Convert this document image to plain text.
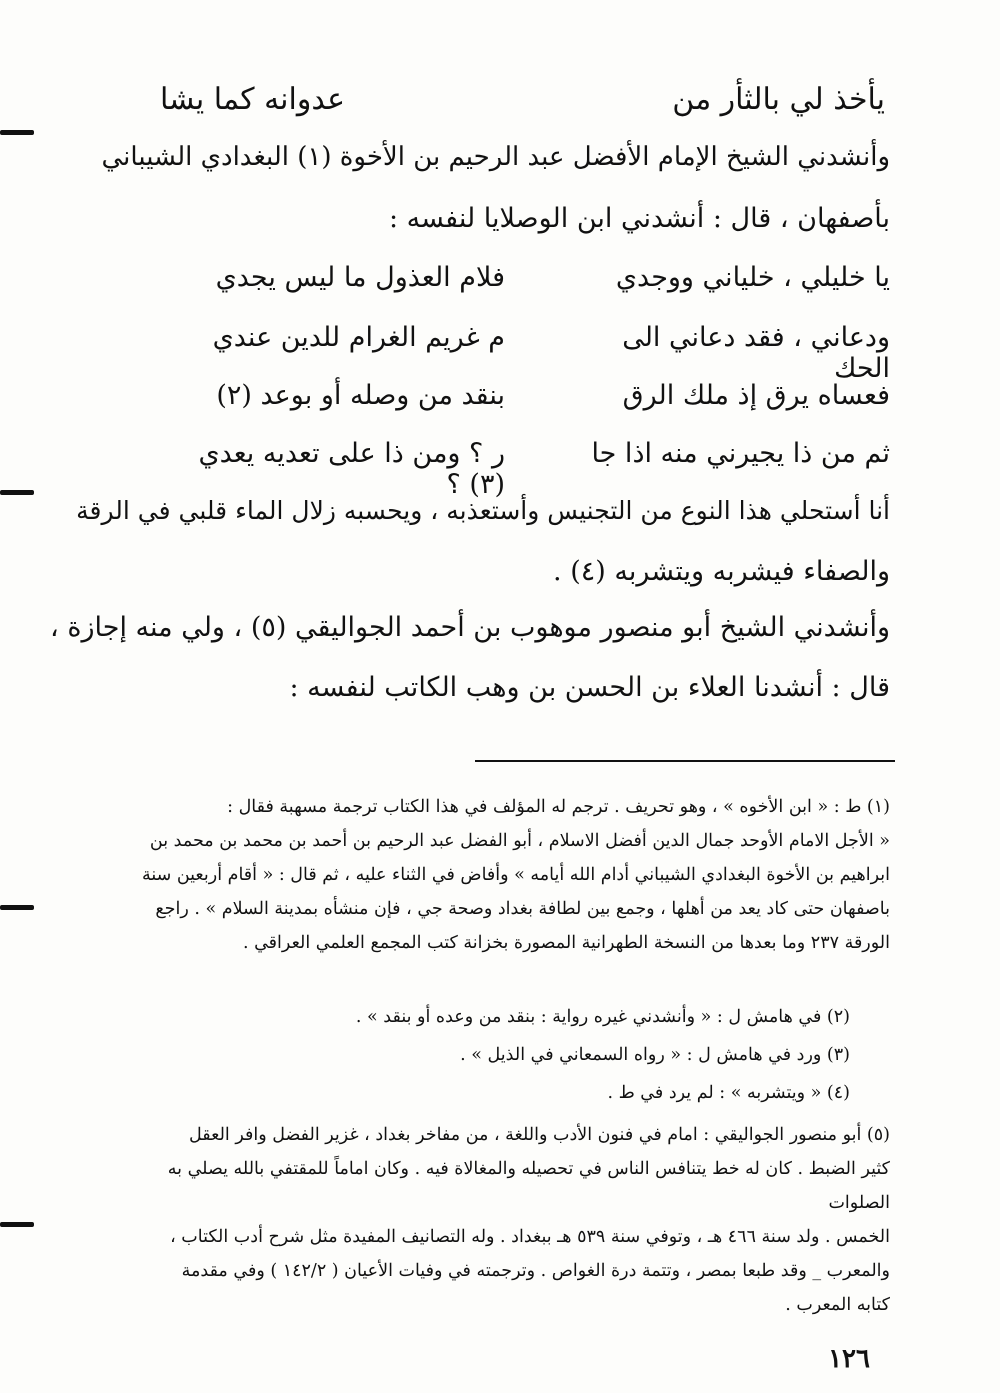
يأخذ لي بالثأر من
عدوانه كما يشا
وأنشدني الشيخ الإمام الأفضل عبد الرحيم بن الأخوة (١) البغدادي الشيباني
بأصفهان ، قال : أنشدني ابن الوصلايا لنفسه :
يا خليلي ، خلياني ووجدي
فلام العذول ما ليس يجدي
ودعاني ، فقد دعاني الى الحك
م غريم الغرام للدين عندي
فعساه يرق إذ ملك الرق
بنقد من وصله أو بوعد (٢)
ثم من ذا يجيرني منه اذا جا
ر ؟ ومن ذا على تعديه يعدي (٣) ؟
أنا أستحلي هذا النوع من التجنيس وأستعذبه ، ويحسبه زلال الماء قلبي في الرقة
والصفاء فيشربه ويتشربه (٤) .
وأنشدني الشيخ أبو منصور موهوب بن أحمد الجواليقي (٥) ، ولي منه إجازة ،
قال : أنشدنا العلاء بن الحسن بن وهب الكاتب لنفسه :

(١) ط : « ابن الأخوه » ، وهو تحريف . ترجم له المؤلف في هذا الكتاب ترجمة مسهبة فقال :

« الأجل الامام الأوحد جمال الدين أفضل الاسلام ، أبو الفضل عبد الرحيم بن أحمد بن محمد بن محمد بن

ابراهيم بن الأخوة البغدادي الشيباني أدام الله أيامه » وأفاض في الثناء عليه ، ثم قال : « أقام أربعين سنة

باصفهان حتى كاد يعد من أهلها ، وجمع بين لطافة بغداد وصحة جي ، فإن منشأه بمدينة السلام » . راجع

الورقة ٢٣٧ وما بعدها من النسخة الطهرانية المصورة بخزانة كتب المجمع العلمي العراقي .

(٢) في هامش ل : « وأنشدني غيره رواية : بنقد من وعده أو بنقد » .

(٣) ورد في هامش ل : « رواه السمعاني في الذيل » .

(٤) « ويتشربه » : لم يرد في ط .

(٥) أبو منصور الجواليقي : امام في فنون الأدب واللغة ، من مفاخر بغداد ، غزير الفضل وافر العقل

كثير الضبط . كان له خط يتنافس الناس في تحصيله والمغالاة فيه . وكان اماماً للمقتفي بالله يصلي به الصلوات

الخمس . ولد سنة ٤٦٦ هـ ، وتوفي سنة ٥٣٩ هـ ببغداد . وله التصانيف المفيدة مثل شرح أدب الكتاب ،

والمعرب _ وقد طبعا بمصر ، وتتمة درة الغواص . وترجمته في وفيات الأعيان ( ١٤٢/٢ ) وفي مقدمة

كتابه المعرب .

١٢٦
